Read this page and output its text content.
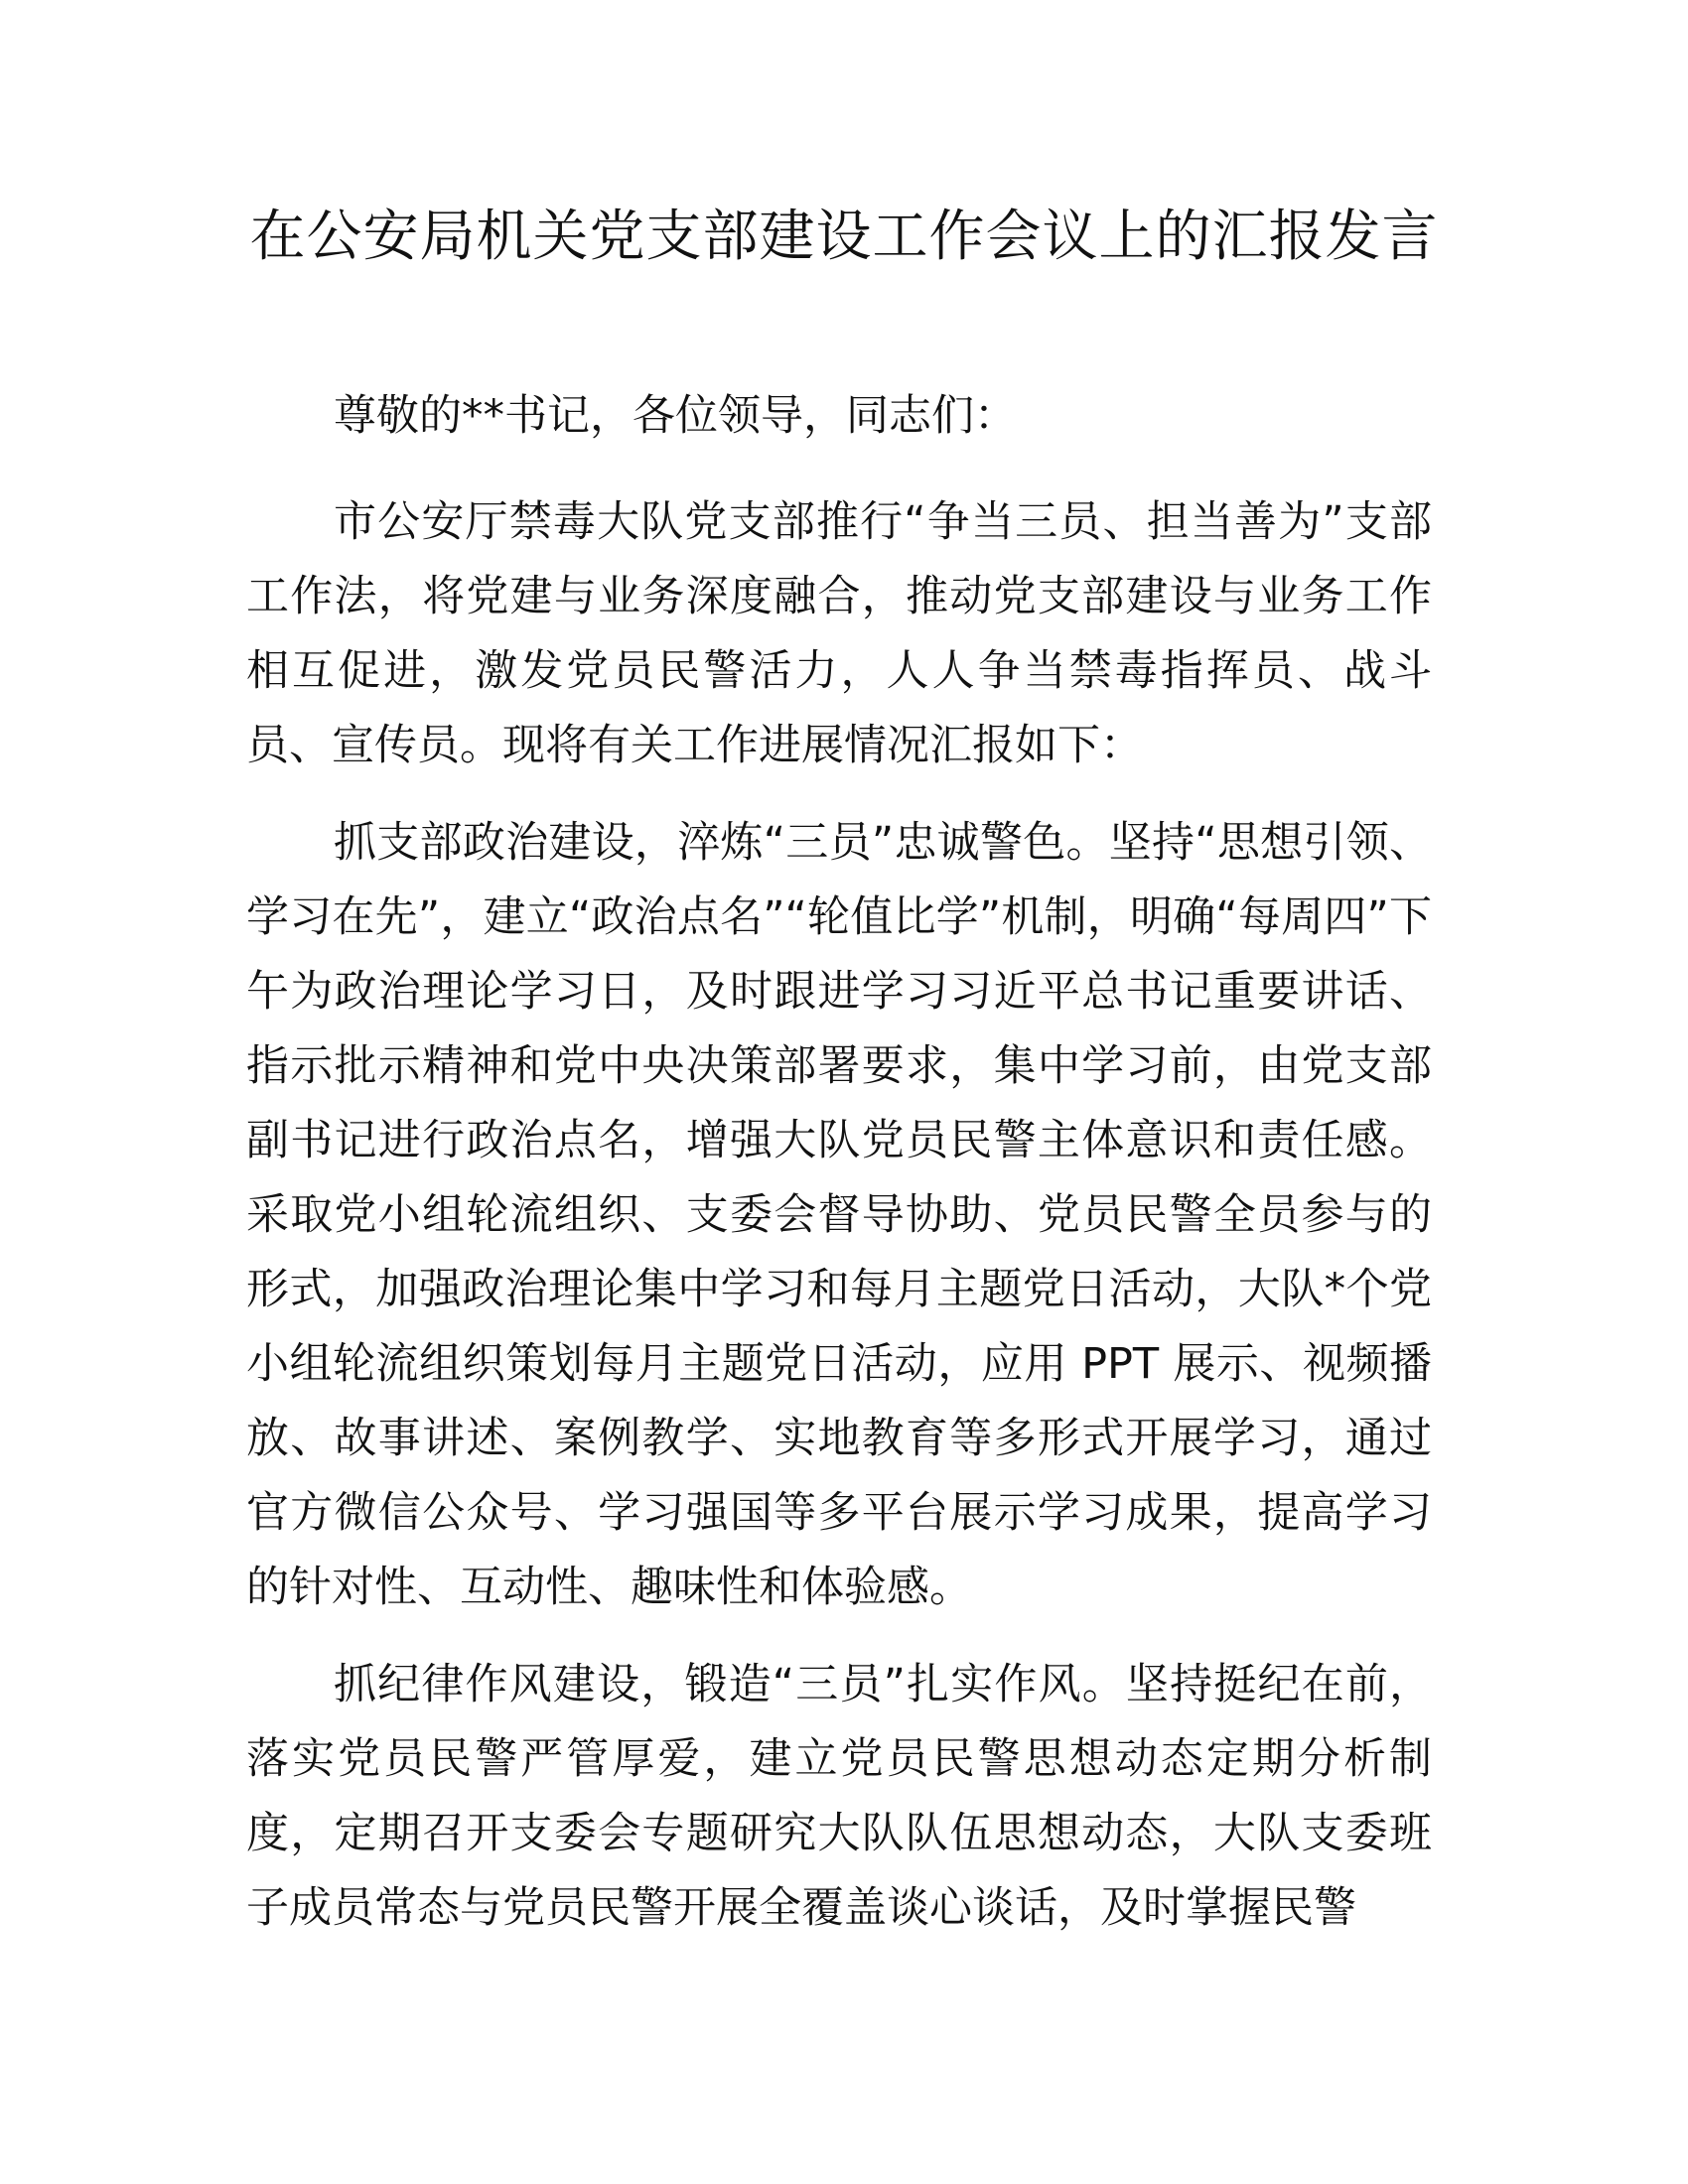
在公安局机关党支部建设工作会议上的汇报发言

尊敬的**书记，各位领导，同志们：

市公安厅禁毒大队党支部推行“争当三员、担当善为”支部工作法，将党建与业务深度融合，推动党支部建设与业务工作相互促进，激发党员民警活力，人人争当禁毒指挥员、战斗员、宣传员。现将有关工作进展情况汇报如下：

抓支部政治建设，淬炼“三员”忠诚警色。坚持“思想引领、学习在先”，建立“政治点名”“轮值比学”机制，明确“每周四”下午为政治理论学习日，及时跟进学习习近平总书记重要讲话、指示批示精神和党中央决策部署要求，集中学习前，由党支部副书记进行政治点名，增强大队党员民警主体意识和责任感。采取党小组轮流组织、支委会督导协助、党员民警全员参与的形式，加强政治理论集中学习和每月主题党日活动，大队*个党小组轮流组织策划每月主题党日活动，应用 PPT 展示、视频播放、故事讲述、案例教学、实地教育等多形式开展学习，通过官方微信公众号、学习强国等多平台展示学习成果，提高学习的针对性、互动性、趣味性和体验感。

抓纪律作风建设，锻造“三员”扎实作风。坚持挺纪在前，落实党员民警严管厚爱，建立党员民警思想动态定期分析制度，定期召开支委会专题研究大队队伍思想动态，大队支委班子成员常态与党员民警开展全覆盖谈心谈话，及时掌握民警
